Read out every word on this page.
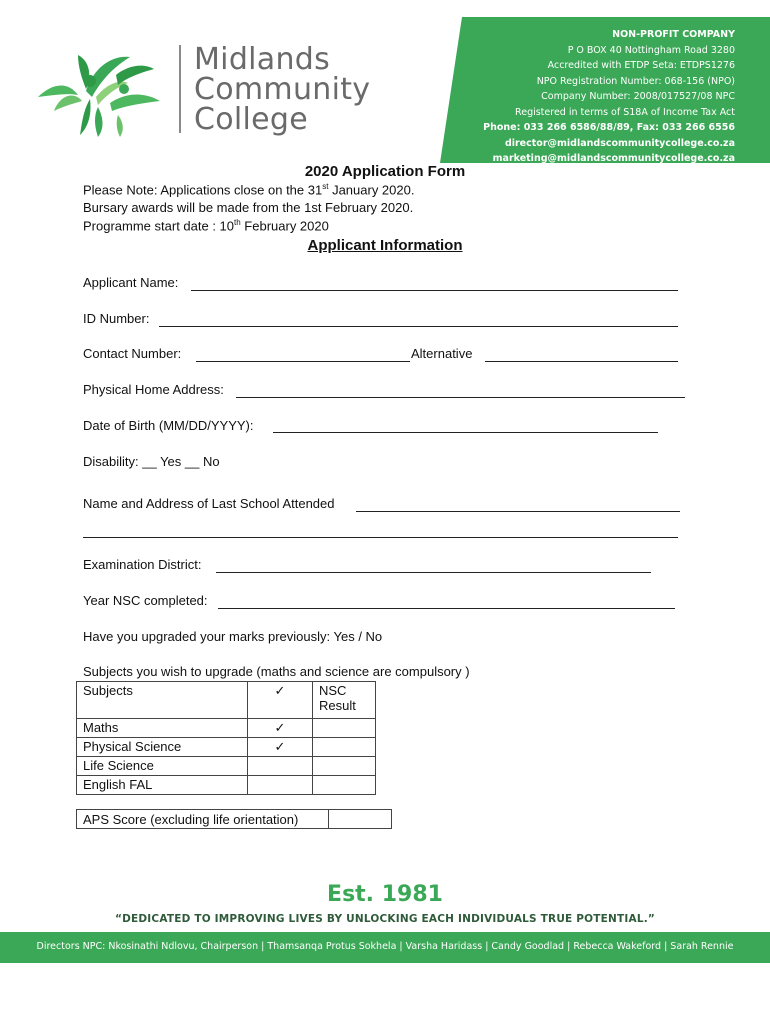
Midlands
Community
College
NON-PROFIT COMPANY
P O BOX 40 Nottingham Road 3280
Accredited with ETDP Seta: ETDPS1276
NPO Registration Number: 068-156 (NPO)
Company Number: 2008/017527/08 NPC
Registered in terms of S18A of Income Tax Act
Phone: 033 266 6586/88/89, Fax: 033 266 6556
director@midlandscommunitycollege.co.za
marketing@midlandscommunitycollege.co.za
2020 Application Form
Please Note: Applications close on the 31st January 2020.
Bursary awards will be made from the 1st February 2020.
Programme start date : 10th February 2020
Applicant Information
Applicant Name:
ID Number:
Contact Number:	Alternative
Physical Home Address:
Date of Birth (MM/DD/YYYY):
Disability: __ Yes __ No
Name and Address of Last School Attended
Examination District:
Year NSC completed:
Have you upgraded your marks previously: Yes / No
Subjects you wish to upgrade (maths and science are compulsory )
Subjects	✓	NSC Result
Maths	✓	
Physical Science	✓	
Life Science		
English FAL		
APS Score (excluding life orientation)	
Est. 1981
“DEDICATED TO IMPROVING LIVES BY UNLOCKING EACH INDIVIDUALS TRUE POTENTIAL.”
Directors NPC: Nkosinathi Ndlovu, Chairperson | Thamsanqa Protus Sokhela | Varsha Haridass | Candy Goodlad | Rebecca Wakeford | Sarah Rennie
